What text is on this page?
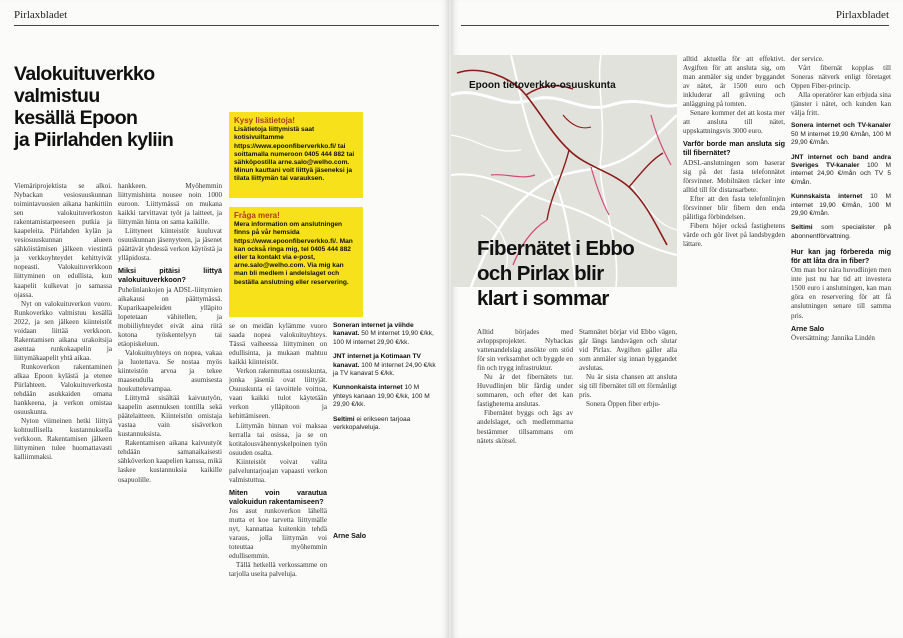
Pirlaxbladet
Valokuituverkko
valmistuu
kesällä Epoon
ja Piirlahden kyliin

Viemäriprojektista se alkoi. Nybackan vesiosuuskunnan toimintavuosien aikana hankittiin sen valokuituverkoston rakentamistarpeeseen putkia ja kaapeleita. Piirlahden kylän ja vesiosuuskunnan alueen sähköistämisen jälkeen viestintä ja verkkoyhteydet kehittyivät nopeasti. Valokuituverkkoon liittyminen on edullista, kun kaapelit kulkevat jo samassa ojassa.

Nyt on valokuituverkon vuoro. Runkoverkko valmistuu kesällä 2022, ja sen jälkeen kiinteistöt voidaan liittää verkkoon. Rakentamisen aikana urakoitsija asentaa runkokaapelin ja liittymäkaapelit yhtä aikaa.

Runkoverkon rakentaminen alkaa Epoon kylästä ja etenee Piirlahteen. Valokuituverkosta tehdään asukkaiden omana hankkeena, ja verkon omistaa osuuskunta.

Nyton viimeinen hetki liittyä kohtuullisella kustannuksella verkkoon. Rakentamisen jälkeen liittyminen tulee huomattavasti kalliimmaksi.

hankkeen. Myöhemmin liittymishinta nousee noin 1000 euroon. Liittymässä on mukana kaikki tarvittavat työt ja laitteet, ja liittymän hinta on sama kaikille.

Liittyneet kiinteistöt kuuluvat osuuskunnan jäsenyyteen, ja jäsenet päättävät yhdessä verkon käytöstä ja ylläpidosta.

Miksi pitäisi liittyä valokuituverkkoon?

Puhelinlankojen ja ADSL-liittymien aikakausi on päättymässä. Kuparikaapeleiden ylläpito lopetetaan vähitellen, ja mobiiliyhteydet eivät aina riitä kotona työskentelyyn tai etäopiskeluun.

Valokuituyhteys on nopea, vakaa ja luotettava. Se nostaa myös kiinteistön arvoa ja tekee maaseudulla asumisesta houkuttelevampaa.

Liittymä sisältää kaivuutyön, kaapelin asennuksen tontilla sekä päätelaitteen. Kiinteistön omistaja vastaa vain sisäverkon kustannuksista.

Rakentamisen aikana kaivuutyöt tehdään samanaikaisesti sähköverkon kaapelien kanssa, mikä laskee kustannuksia kaikille osapuolille.

Kysy lisätietoja!
Lisätietoja liittymistä saat kotisivuiltamme https://www.epoonfiberverkko.fi/ tai soittamalla numeroon 0405 444 882 tai sähköpostilla arne.salo@welho.com. Minun kauttani voit liittyä jäseneksi ja tilata liittymän tai varauksen.
Fråga mera!
Mera information om anslutningen finns på vår hemsida https://www.epoonfiberverkko.fi/. Man kan också ringa mig, tel 0405 444 882 eller ta kontakt via e-post, arne.salo@welho.com. Via mig kan man bli medlem i andelslaget och beställa anslutning eller reservering.

se on meidän kylämme vuoro saada nopea valokuituyhteys. Tässä vaiheessa liittyminen on edullisinta, ja mukaan mahtuu kaikki kiinteistöt.

Verkon rakennuttaa osuuskunta, jonka jäseniä ovat liittyjät. Osuuskunta ei tavoittele voittoa, vaan kaikki tulot käytetään verkon ylläpitoon ja kehittämiseen.

Liittymän hinnan voi maksaa kerralla tai osissa, ja se on kotitalousvähennyskelpoinen työn osuuden osalta.

Kiinteistöt voivat valita palveluntarjoajan vapaasti verkon valmistuttua.

Miten voin varautua valokuidun rakentamiseen?

Jos asut runkoverkon lähellä mutta et koe tarvetta liittymälle nyt, kannattaa kuitenkin tehdä varaus, jolla liittymän voi toteuttaa myöhemmin edullisemmin.

Tällä hetkellä verkossamme on tarjolla useita palveluja.

Soneran internet ja viihde kanavat. 50 M internet 19,90 €/kk, 100 M internet 29,90 €/kk.
JNT internet ja Kotimaan TV kanavat. 100 M internet 24,90 €/kk ja TV kanavat 5 €/kk.
Kunnonkaista internet 10 M yhteys kanaan 19,90 €/kk, 100 M 29,90 €/kk.
Seltimi ei erikseen tarjoaa verkkopalveluja.

Arne Salo

Pirlaxbladet
Epoon tietoverkko-osuuskunta
Fibernätet i Ebbo
och Pirlax blir
klart i sommar

Alltid börjades med avloppsprojektet. Nybackas vattenandelslag ansökte om stöd för sin verksamhet och byggde en fin och trygg infrastruktur.

Nu är det fibernätets tur. Huvudlinjen blir färdig under sommaren, och efter det kan fastigheterna anslutas.

Fibernätet byggs och ägs av andelslaget, och medlemmarna bestämmer tillsammans om nätets skötsel.

Stamnätet börjar vid Ebbo vägen, går längs landsvägen och slutar vid Pirlax. Avgiften gäller alla som anmäler sig innan byggandet avslutas.

Nu är sista chansen att ansluta sig till fibernätet till ett förmånligt pris.

Sonera Öppen fiber erbju-

alltid aktuella för att effektivt. Avgiften för att ansluta sig, om man anmäler sig under byggandet av nätet, är 1500 euro och inkluderar all grävning och anläggning på tomten.

Senare kommer det att kosta mer att ansluta till nätet, uppskattningsvis 3000 euro.

Varför borde man ansluta sig till fibernätet?

ADSL-anslutningen som baserar sig på det fasta telefonnätet försvinner. Mobilnäten räcker inte alltid till för distansarbete.

Efter att den fasta telefonlinjen försvinner blir fibern den enda pålitliga förbindelsen.

Fibern höjer också fastighetens värde och gör livet på landsbygden lättare.

der service.

Vårt fibernät kopplas till Soneras nätverk enligt företaget Oppen Fiber-princip.

Alla operatörer kan erbjuda sina tjänster i nätet, och kunden kan välja fritt.

Sonera internet och TV-kanaler 50 M internet 19,90 €/mån, 100 M 29,90 €/mån.
JNT internet och band andra Sveriges TV-kanaler 100 M internet 24,90 €/mån och TV 5 €/mån.
Kunnskaista internet 10 M internet 19,90 €/mån, 100 M 29,90 €/mån.
Seltimi som specialister på abonnentförvaltning.
Hur kan jag förbereda mig för att låta dra in fiber?

Om man bor nära huvudlinjen men inte just nu har tid att investera 1500 euro i anslutningen, kan man göra en reservering för att få anslutningen senare till samma pris.

Arne Salo

Översättning: Jannika Lindén
